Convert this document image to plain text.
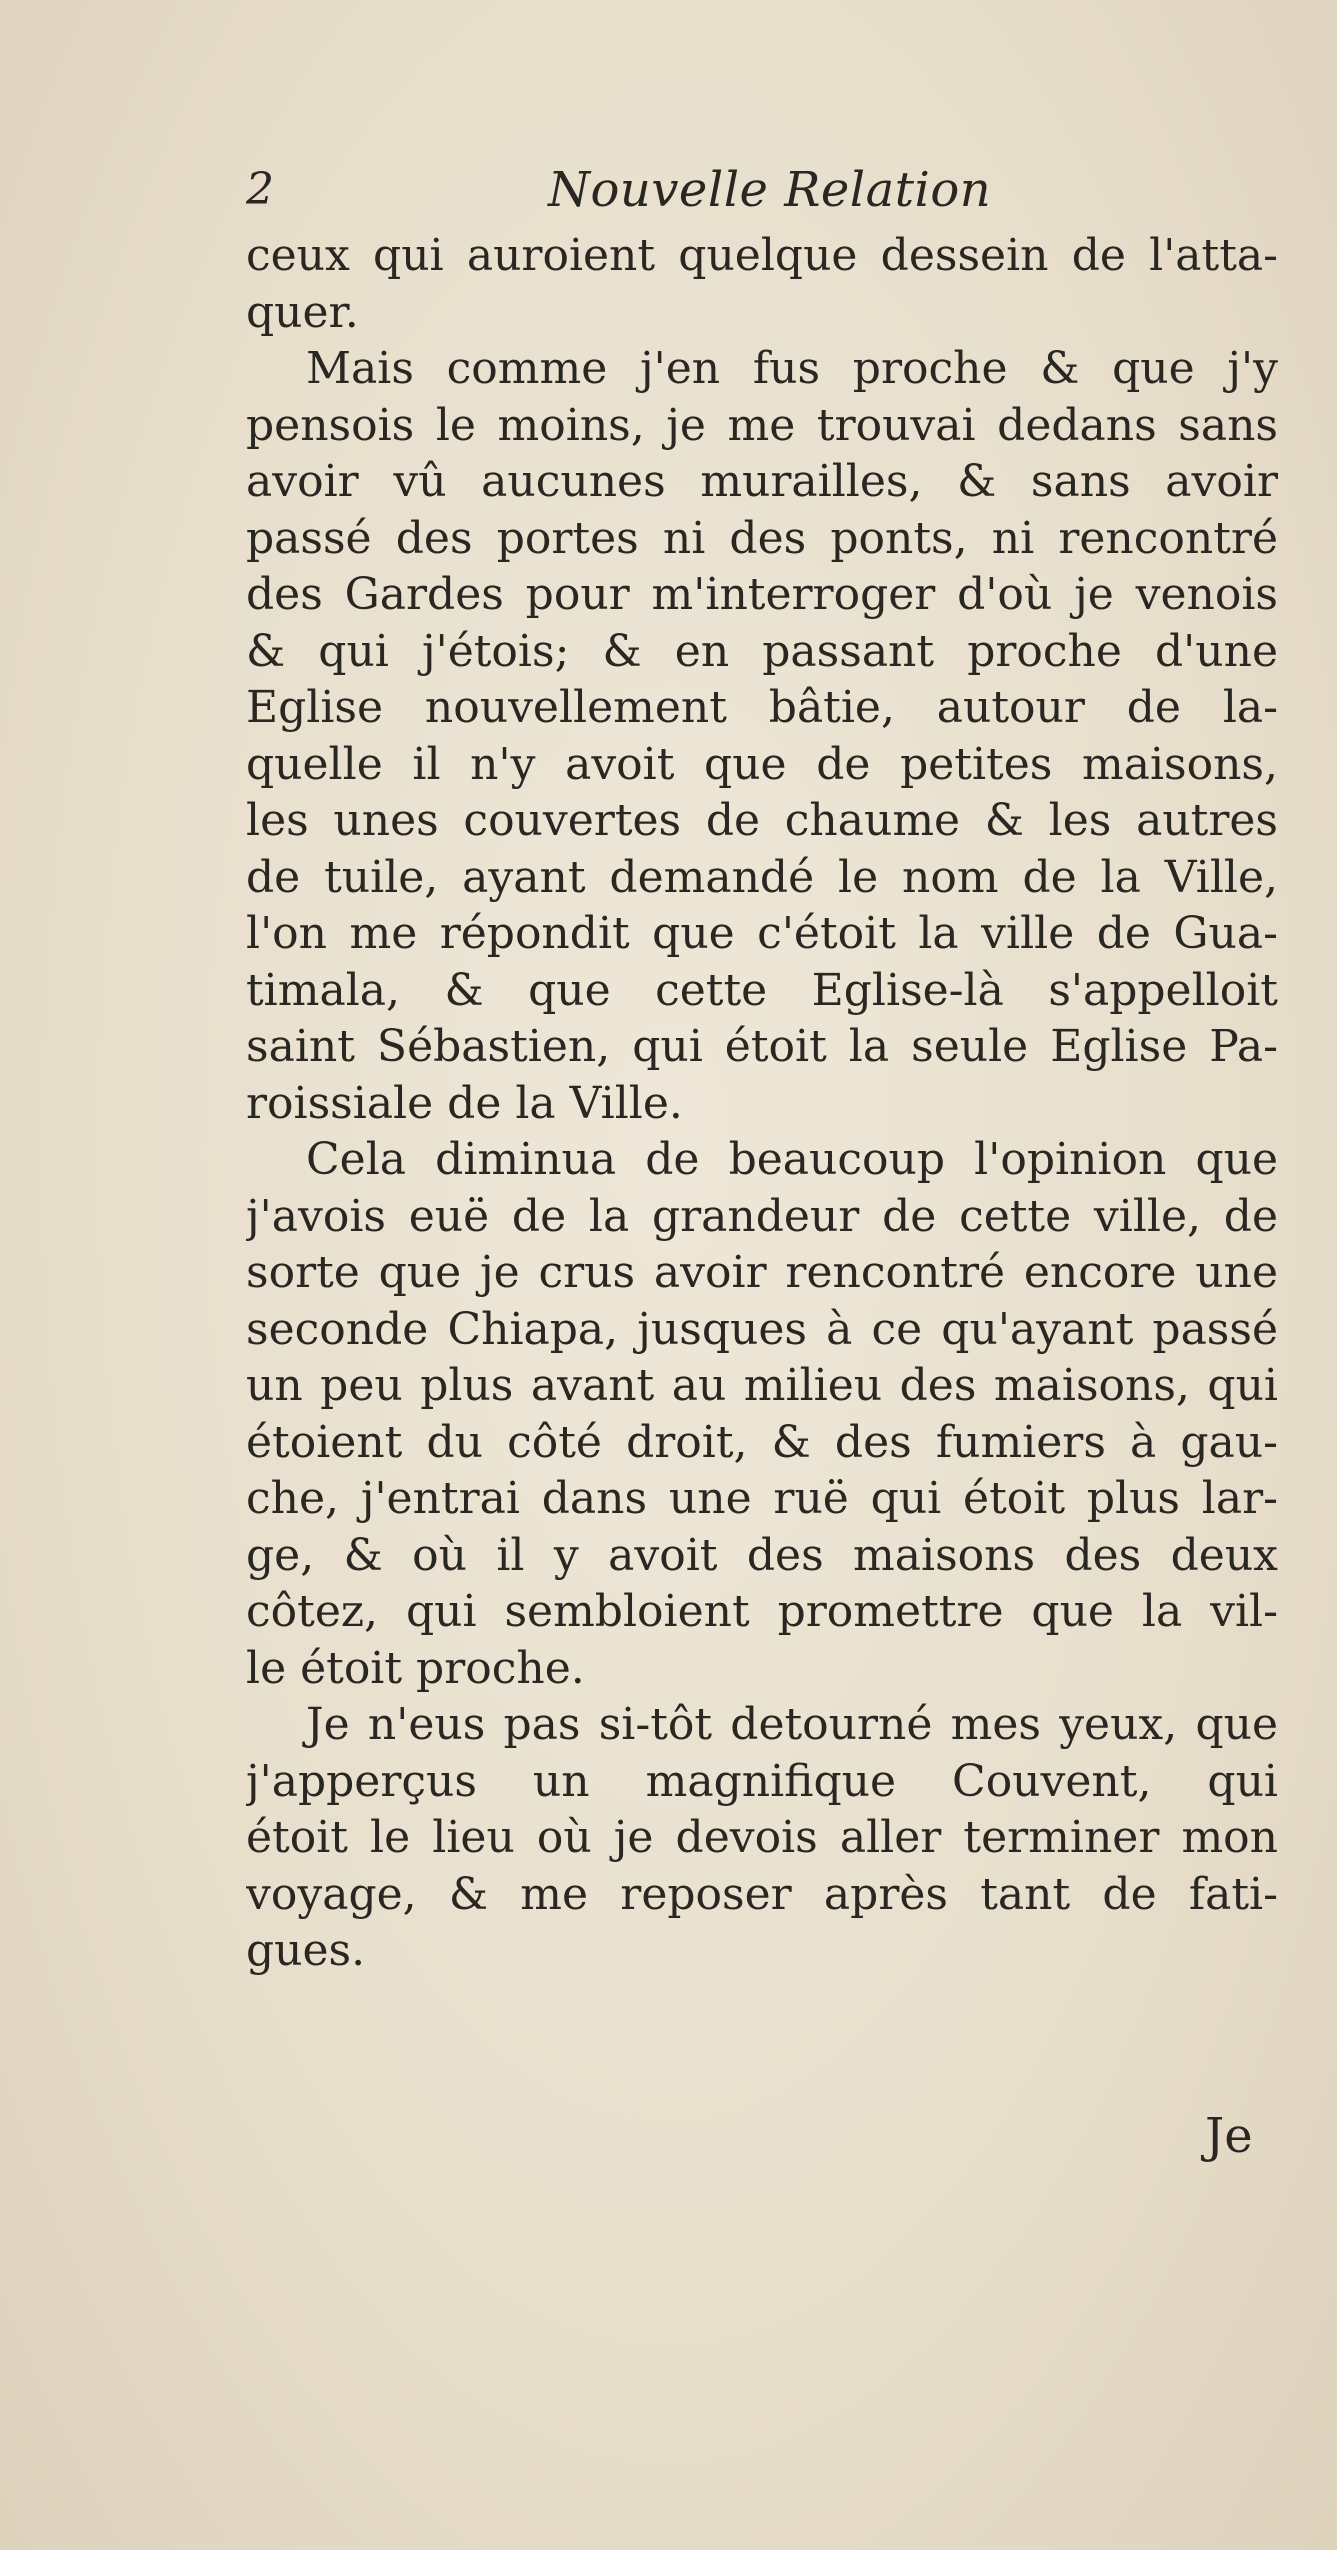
2	Nouvelle Relation
ceux qui auroient quelque dessein de l'atta-
quer.
Mais comme j'en fus proche & que j'y
pensois le moins, je me trouvai dedans sans
avoir vû aucunes murailles, & sans avoir
passé des portes ni des ponts, ni rencontré
des Gardes pour m'interroger d'où je venois
& qui j'étois; & en passant proche d'une
Eglise nouvellement bâtie, autour de la-
quelle il n'y avoit que de petites maisons,
les unes couvertes de chaume & les autres
de tuile, ayant demandé le nom de la Ville,
l'on me répondit que c'étoit la ville de Gua-
timala, & que cette Eglise-là s'appelloit
saint Sébastien, qui étoit la seule Eglise Pa-
roissiale de la Ville.
Cela diminua de beaucoup l'opinion que
j'avois euë de la grandeur de cette ville, de
sorte que je crus avoir rencontré encore une
seconde Chiapa, jusques à ce qu'ayant passé
un peu plus avant au milieu des maisons, qui
étoient du côté droit, & des fumiers à gau-
che, j'entrai dans une ruë qui étoit plus lar-
ge, & où il y avoit des maisons des deux
côtez, qui sembloient promettre que la vil-
le étoit proche.
Je n'eus pas si-tôt detourné mes yeux, que
j'apperçus un magnifique Couvent, qui
étoit le lieu où je devois aller terminer mon
voyage, & me reposer après tant de fati-
gues.
Je
